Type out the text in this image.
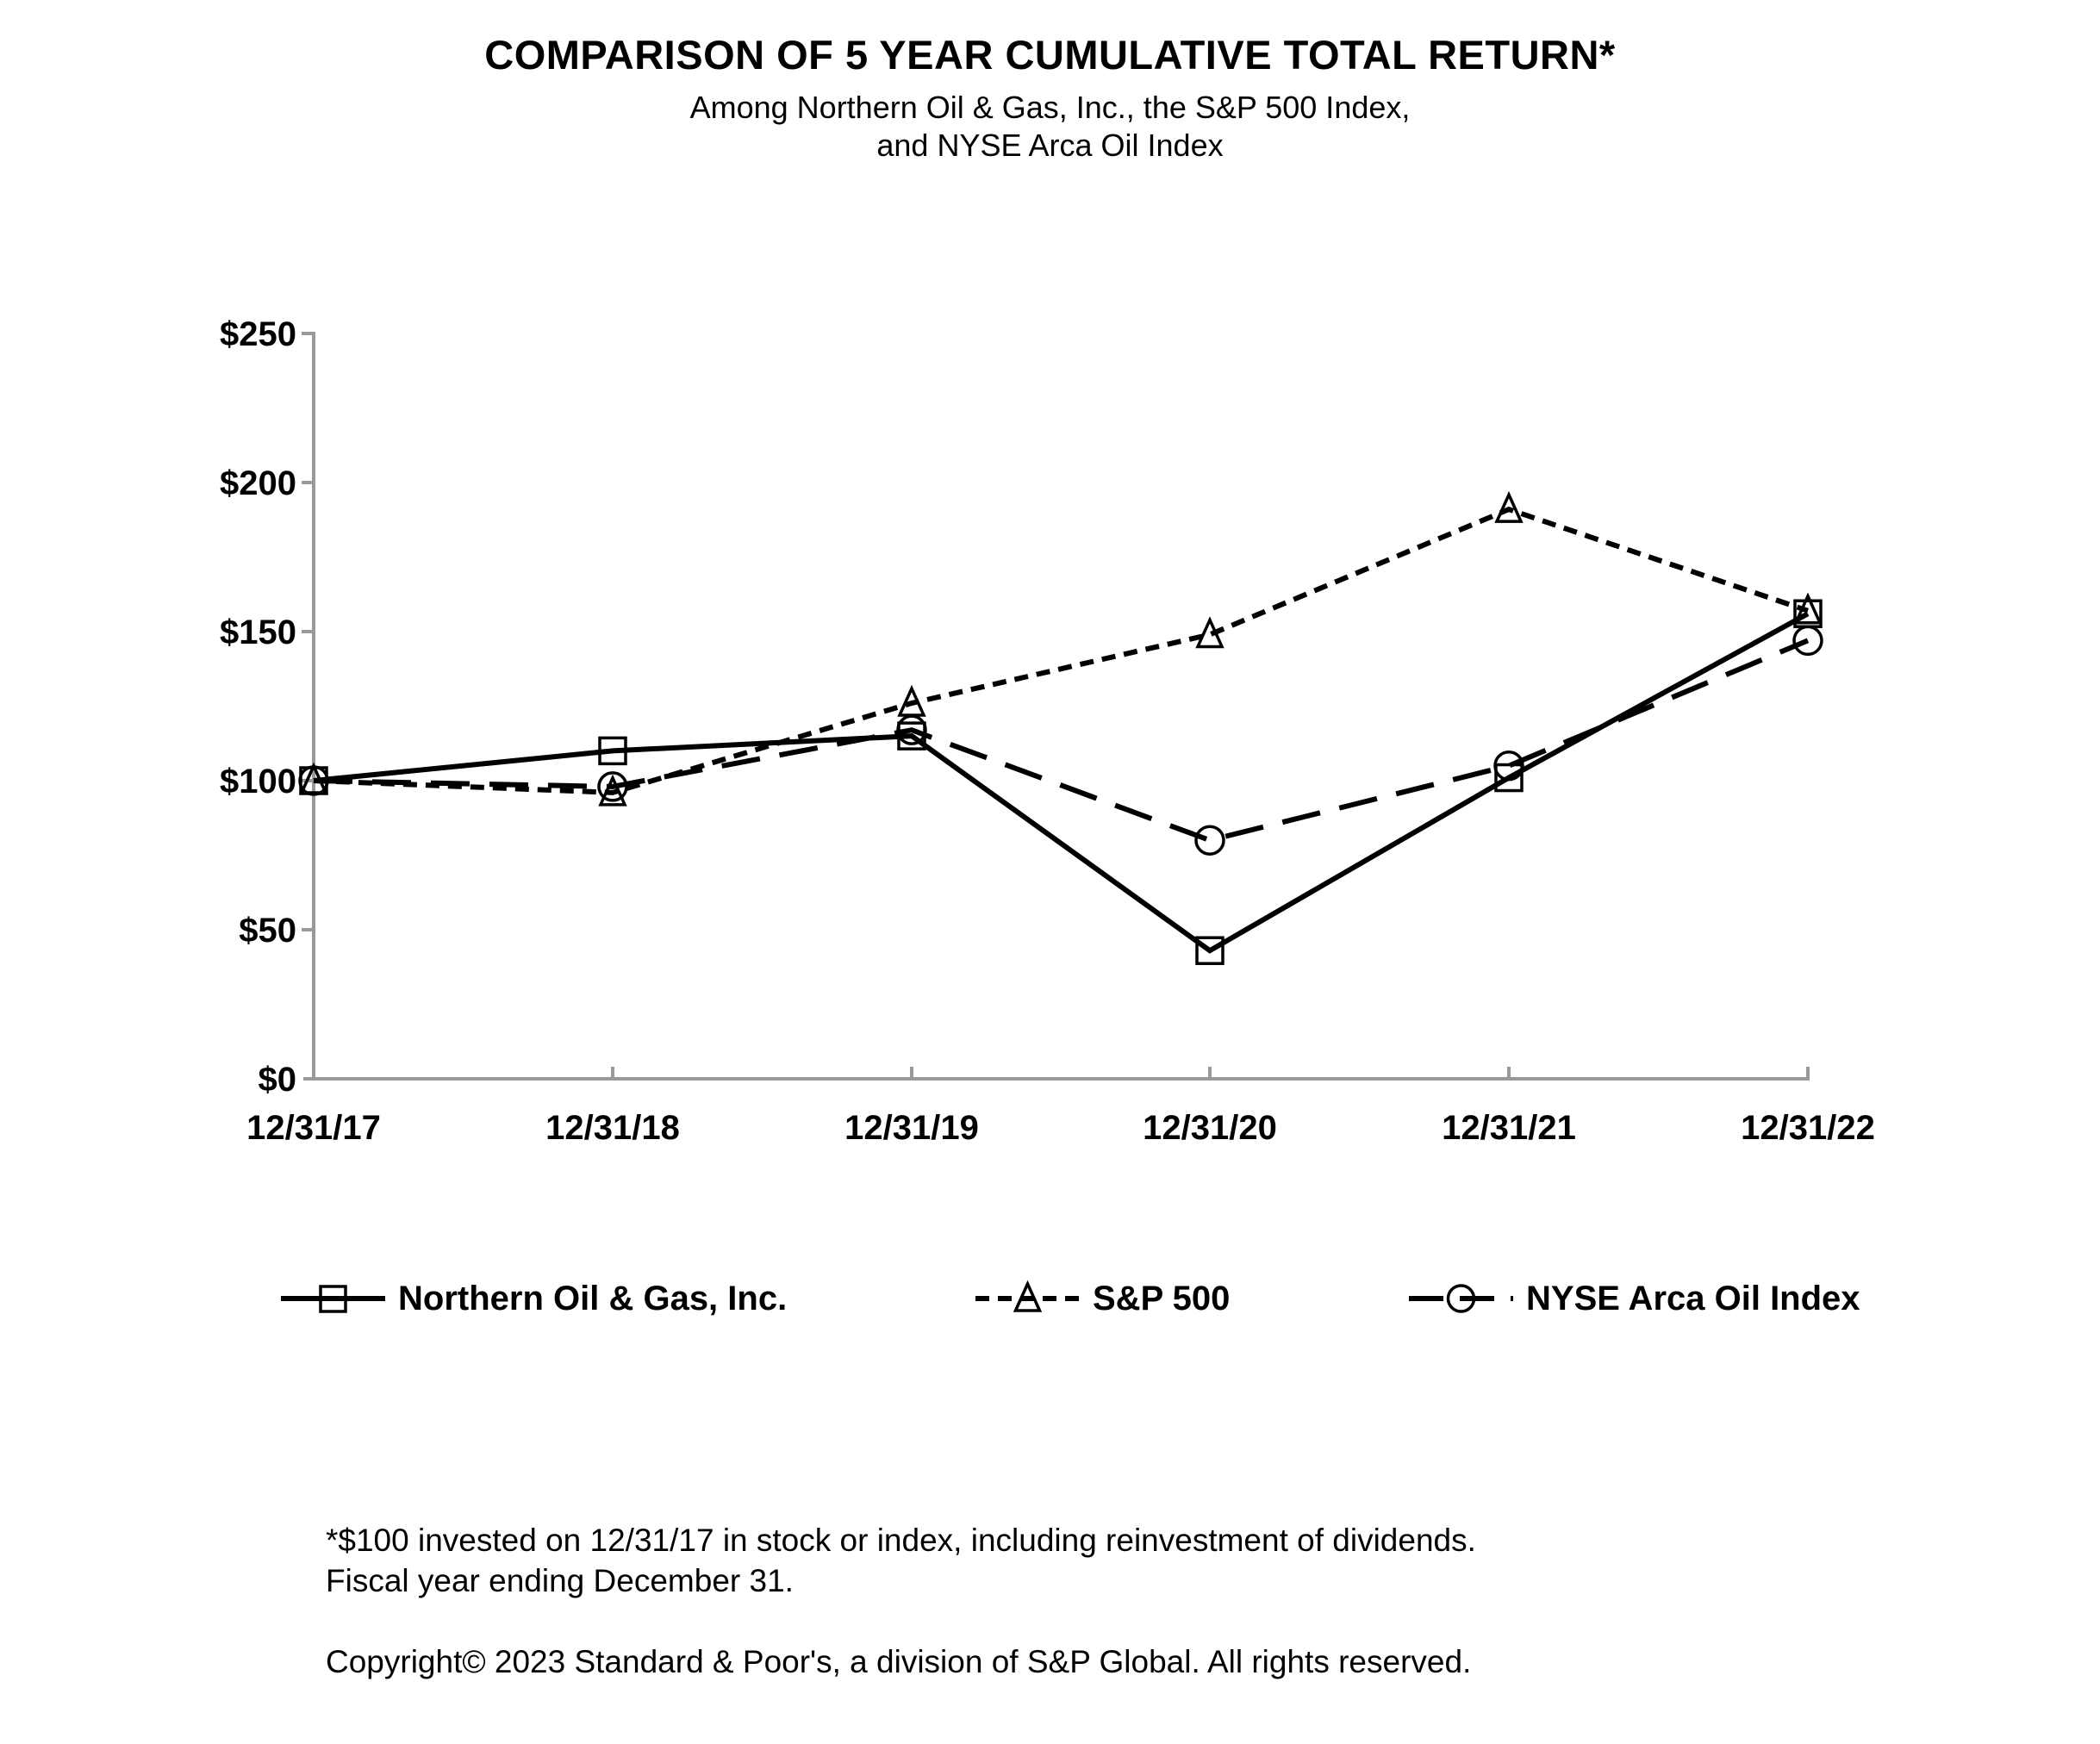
COMPARISON OF 5 YEAR CUMULATIVE TOTAL RETURN*
Among Northern Oil & Gas, Inc., the S&P 500 Index,
and NYSE Arca Oil Index
$0
$50
$100
$150
$200
$250
12/31/17	12/31/18	12/31/19	12/31/20	12/31/21	12/31/22
Northern Oil & Gas, Inc.	S&P 500	NYSE Arca Oil Index

*$100 invested on 12/31/17 in stock or index, including reinvestment of dividends.

Fiscal year ending December 31.

Copyright© 2023 Standard & Poor's, a division of S&P Global. All rights reserved.
